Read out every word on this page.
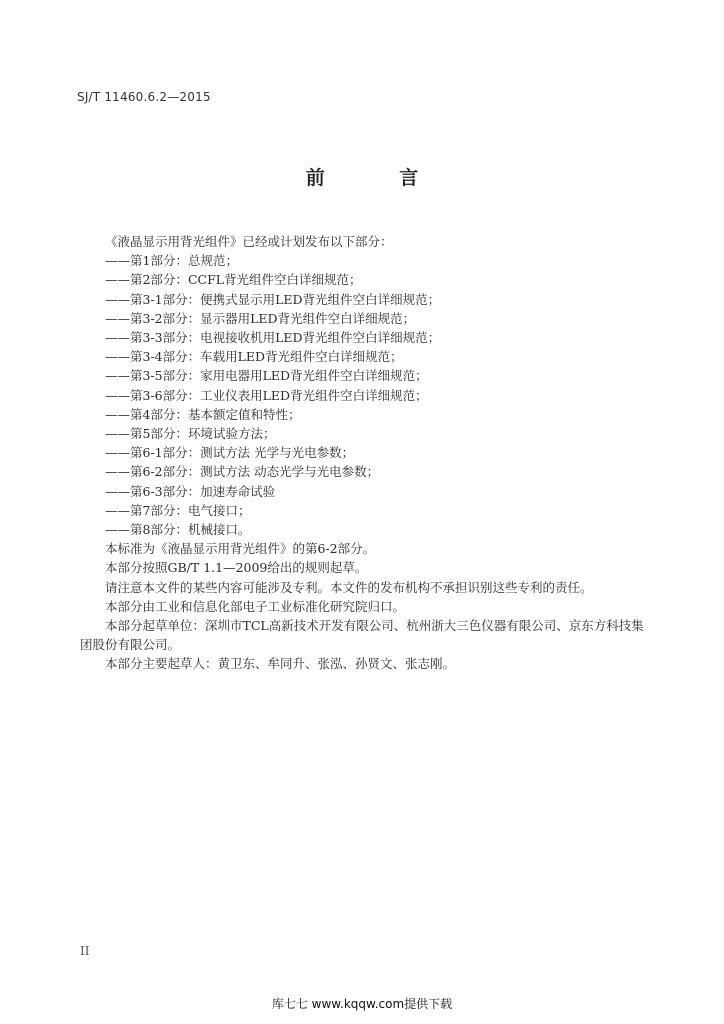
SJ/T 11460.6.2—2015
前 言

《液晶显示用背光组件》已经或计划发布以下部分：

——第1部分：总规范；

——第2部分：CCFL背光组件空白详细规范；

——第3-1部分：便携式显示用LED背光组件空白详细规范；

——第3-2部分：显示器用LED背光组件空白详细规范；

——第3-3部分：电视接收机用LED背光组件空白详细规范；

——第3-4部分：车载用LED背光组件空白详细规范；

——第3-5部分：家用电器用LED背光组件空白详细规范；

——第3-6部分：工业仪表用LED背光组件空白详细规范；

——第4部分：基本额定值和特性；

——第5部分：环境试验方法；

——第6-1部分：测试方法 光学与光电参数；

——第6-2部分：测试方法 动态光学与光电参数；

——第6-3部分：加速寿命试验

——第7部分：电气接口；

——第8部分：机械接口。

本标准为《液晶显示用背光组件》的第6-2部分。

本部分按照GB/T 1.1—2009给出的规则起草。

请注意本文件的某些内容可能涉及专利。本文件的发布机构不承担识别这些专利的责任。

本部分由工业和信息化部电子工业标准化研究院归口。

本部分起草单位：深圳市TCL高新技术开发有限公司、杭州浙大三色仪器有限公司、京东方科技集团股份有限公司。

本部分主要起草人：黄卫东、牟同升、张泓、孙贤文、张志刚。

II
库七七 www.kqqw.com提供下载
